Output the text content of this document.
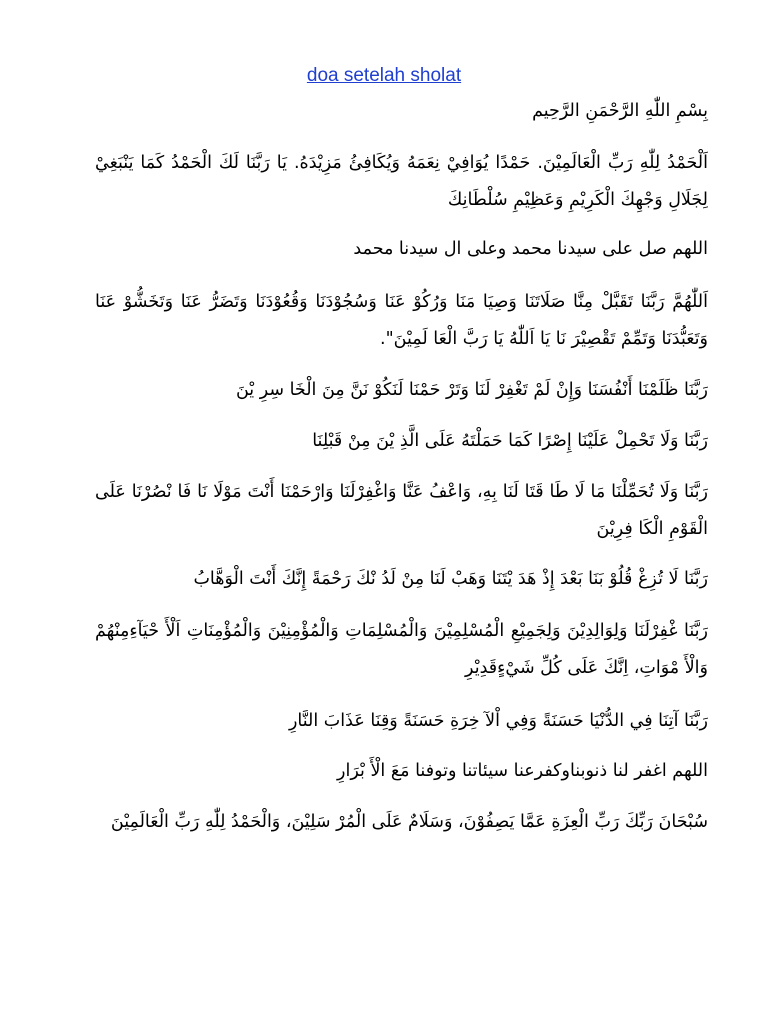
doa setelah sholat

بِسْمِ اللّٰهِ الرَّحْمَنِ الرَّحِيم

اَلْحَمْدُ لِلّٰهِ رَبِّ الْعَالَمِيْنَ. حَمْدًا يُوَافِيْ نِعَمَهُ وَيُكَافِئُ مَزِيْدَهُ. يَا رَبَّنَا لَكَ الْحَمْدُ كَمَا يَنْبَغِيْ لِجَلَالِ وَجْهِكَ الْكَرِيْمِ وَعَظِيْمِ سُلْطَانِكَ

اللهم صل على سيدنا محمد وعلى ال سيدنا محمد

اَللّٰهُمَّ رَبَّنَا تَقَبَّلْ مِنَّا صَلَاتَنَا وَصِيَا مَنَا وَرُكُوْ عَنَا وَسُجُوْدَنَا وَقُعُوْدَنَا وَتَضَرُّ عَنَا وَتَخَشُّوْ عَنَا وَتَعَبُّدَنَا وَتَمِّمْ تَقْصِيْرَ نَا يَا اَللّٰهُ يَا رَبَّ الْعَا لَمِيْنَ".

رَبَّنَا ظَلَمْنَا أَنْفُسَنَا وَإِنْ لَمْ تَغْفِرْ لَنَا وَتَرْ حَمْنَا لَنَكُوْ نَنَّ مِنَ الْخَا سِرِ يْنَ

رَبَّنَا وَلَا تَحْمِلْ عَلَيْنَا إِصْرًا كَمَا حَمَلْتَهُ عَلَى الَّذِ يْنَ مِنْ قَبْلِنَا

رَبَّنَا وَلَا تُحَمِّلْنَا مَا لَا طَا قَتَا لَنَا بِهِ، وَاعْفُ عَنَّا وَاغْفِرْلَنَا وَارْحَمْنَا أَنْتَ مَوْلَا نَا فَا نْصُرْنَا عَلَى الْقَوْمِ الْكَا فِرِيْنَ

رَبَّنَا لَا تُزِغْ قُلُوْ بَنَا بَعْدَ إِذْ هَدَ يْتَنَا وَهَبْ لَنَا مِنْ لَدُ نْكَ رَحْمَةً إِنَّكَ أَنْتَ الْوَهَّابُ

رَبَّنَا غْفِرْلَنَا وَلِوَالِدِيْنَ وَلِجَمِيْعِ الْمُسْلِمِيْنَ وَالْمُسْلِمَاتِ وَالْمُؤْمِنِيْنَ وَالْمُؤْمِنَاتِ اَلْأَ حْيَآءِمِنْهُمْ وَالْأَ مْوَاتِ، اِنَّكَ عَلَى كُلِّ شَيْءٍقَدِيْرِ

رَبَّنَا آتِنَا فِي الدُّنْيَا حَسَنَةً وَفِي اْلآ خِرَةِ حَسَنَةً وَقِنَا عَذَابَ النَّارِ

اللهم اغفر لنا ذنوبناوكفرعنا سيئاتنا وتوفنا مَعَ الْأَ بْرَارِ

سُبْحَانَ رَبِّكَ رَبِّ الْعِزَةِ عَمَّا يَصِفُوْنَ، وَسَلَامٌ عَلَى الْمُرْ سَلِيْنَ، وَالْحَمْدُ لِلّٰهِ رَبِّ الْعَالَمِيْنَ
